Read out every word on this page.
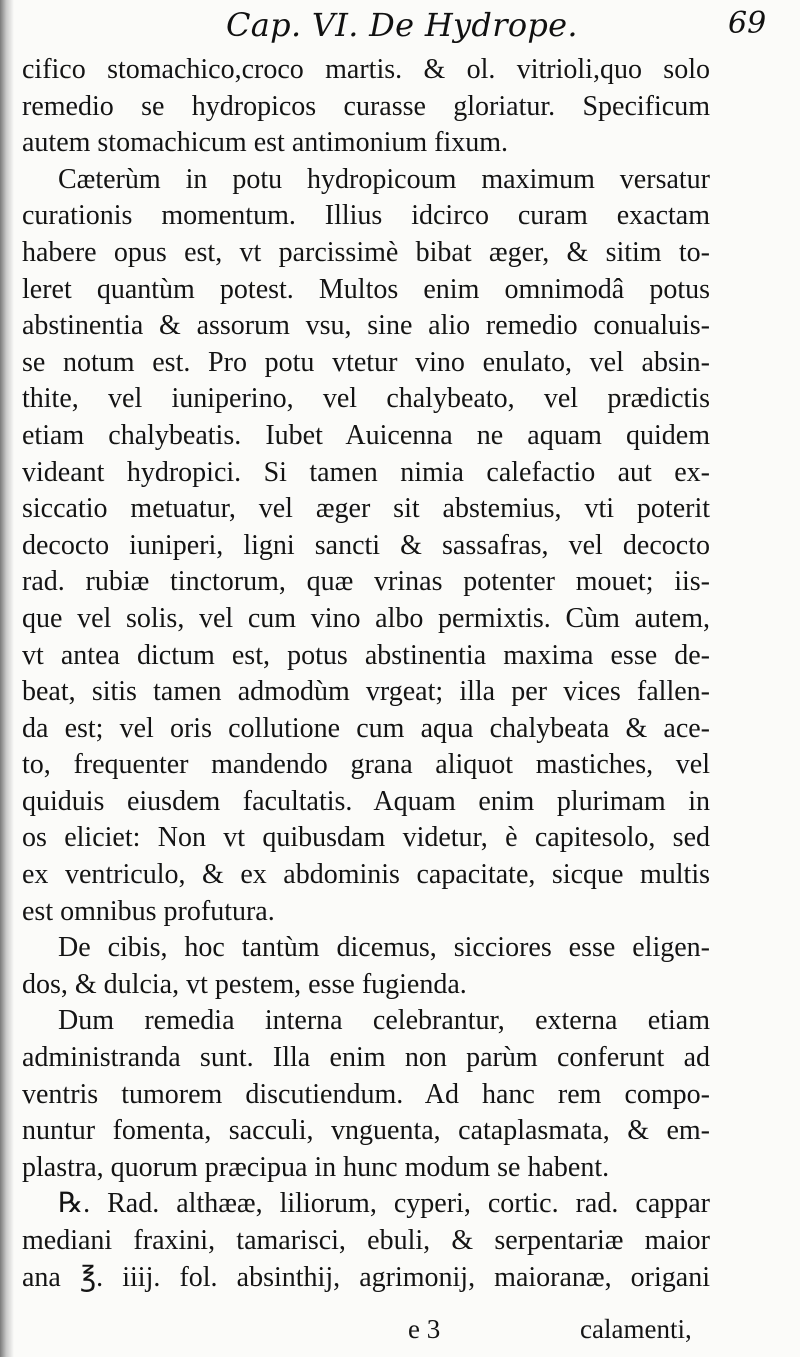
Cap. VI. De Hydrope.	69
cifico stomachico,croco martis. & ol. vitrioli,quo solo
remedio se hydropicos curasse gloriatur. Specificum
autem stomachicum est antimonium fixum.
Cæterùm in potu hydropicoum maximum versatur
curationis momentum. Illius idcirco curam exactam
habere opus est, vt parcissimè bibat æger, & sitim to-
leret quantùm potest. Multos enim omnimodâ potus
abstinentia & assorum vsu, sine alio remedio conualuis-
se notum est. Pro potu vtetur vino enulato, vel absin-
thite, vel iuniperino, vel chalybeato, vel prædictis
etiam chalybeatis. Iubet Auicenna ne aquam quidem
videant hydropici. Si tamen nimia calefactio aut ex-
siccatio metuatur, vel æger sit abstemius, vti poterit
decocto iuniperi, ligni sancti & sassafras, vel decocto
rad. rubiæ tinctorum, quæ vrinas potenter mouet; iis-
que vel solis, vel cum vino albo permixtis. Cùm autem,
vt antea dictum est, potus abstinentia maxima esse de-
beat, sitis tamen admodùm vrgeat; illa per vices fallen-
da est; vel oris collutione cum aqua chalybeata & ace-
to, frequenter mandendo grana aliquot mastiches, vel
quiduis eiusdem facultatis. Aquam enim plurimam in
os eliciet: Non vt quibusdam videtur, è capitesolo, sed
ex ventriculo, & ex abdominis capacitate, sicque multis
est omnibus profutura.
De cibis, hoc tantùm dicemus, sicciores esse eligen-
dos, & dulcia, vt pestem, esse fugienda.
Dum remedia interna celebrantur, externa etiam
administranda sunt. Illa enim non parùm conferunt ad
ventris tumorem discutiendum. Ad hanc rem compo-
nuntur fomenta, sacculi, vnguenta, cataplasmata, & em-
plastra, quorum præcipua in hunc modum se habent.
℞. Rad. althææ, liliorum, cyperi, cortic. rad. cappar
mediani fraxini, tamarisci, ebuli, & serpentariæ maior
ana ℥. iiij. fol. absinthij, agrimonij, maioranæ, origani
e 3	calamenti,
